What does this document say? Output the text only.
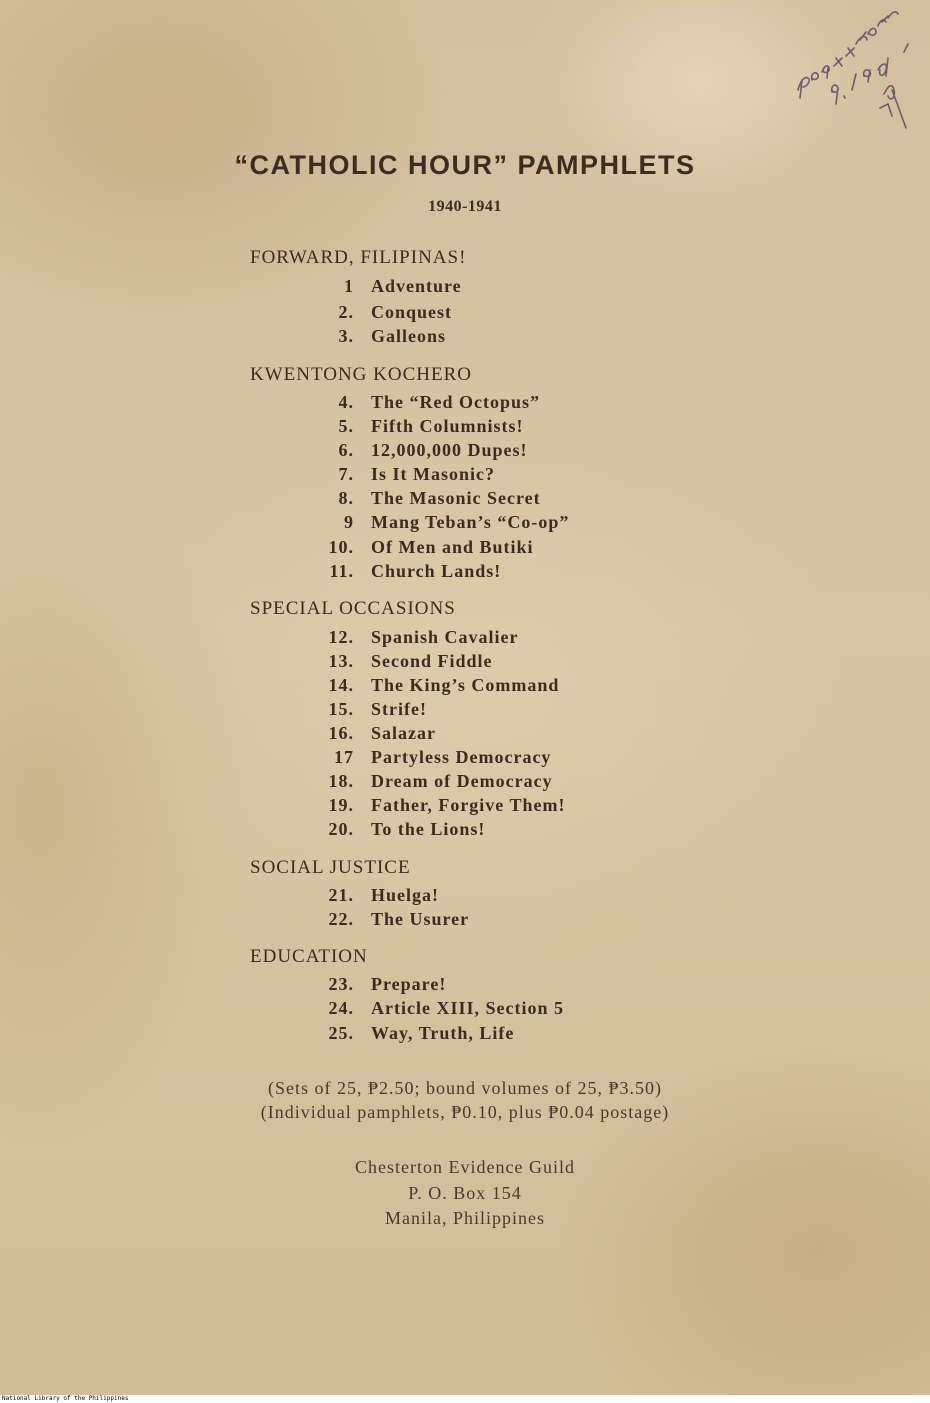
“CATHOLIC HOUR” PAMPHLETS
1940-1941
FORWARD, FILIPINAS!
1 Adventure
2. Conquest
3. Galleons
KWENTONG KOCHERO
4. The “Red Octopus”
5. Fifth Columnists!
6. 12,000,000 Dupes!
7. Is It Masonic?
8. The Masonic Secret
9 Mang Teban’s “Co-op”
10. Of Men and Butiki
11. Church Lands!
SPECIAL OCCASIONS
12. Spanish Cavalier
13. Second Fiddle
14. The King’s Command
15. Strife!
16. Salazar
17 Partyless Democracy
18. Dream of Democracy
19. Father, Forgive Them!
20. To the Lions!
SOCIAL JUSTICE
21. Huelga!
22. The Usurer
EDUCATION
23. Prepare!
24. Article XIII, Section 5
25. Way, Truth, Life
(Sets of 25, ₱2.50; bound volumes of 25, ₱3.50)
(Individual pamphlets, ₱0.10, plus ₱0.04 postage)
Chesterton Evidence Guild
P. O. Box 154
Manila, Philippines
National Library of the Philippines
